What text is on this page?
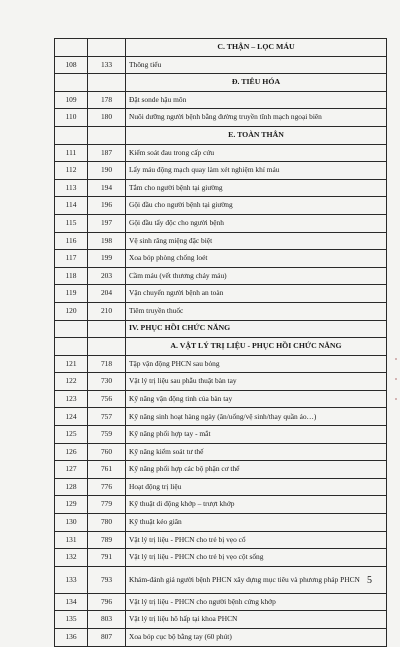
		C. THẬN – LỌC MÁU
108	133	Thông tiểu
		Đ. TIÊU HÓA
109	178	Đặt sonde hậu môn
110	180	Nuôi dưỡng người bệnh bằng đường truyền tĩnh mạch ngoại biên
		E. TOÀN THÂN
111	187	Kiểm soát đau trong cấp cứu
112	190	Lấy máu động mạch quay làm xét nghiệm khí máu
113	194	Tắm cho người bệnh tại giường
114	196	Gội đầu cho người bệnh tại giường
115	197	Gội đầu tẩy độc cho người bệnh
116	198	Vệ sinh răng miệng đặc biệt
117	199	Xoa bóp phòng chống loét
118	203	Cầm máu (vết thương chảy máu)
119	204	Vận chuyển người bệnh an toàn
120	210	Tiêm truyền thuốc
		IV. PHỤC HỒI CHỨC NĂNG
		A. VẬT LÝ TRỊ LIỆU - PHỤC HỒI CHỨC NĂNG
121	718	Tập vận động PHCN sau bỏng
122	730	Vật lý trị liệu sau phẫu thuật bàn tay
123	756	Kỹ năng vận động tinh của bàn tay
124	757	Kỹ năng sinh hoạt hàng ngày (ăn/uống/vệ sinh/thay quần áo…)
125	759	Kỹ năng phối hợp tay - mắt
126	760	Kỹ năng kiểm soát tư thế
127	761	Kỹ năng phối hợp các bộ phận cơ thể
128	776	Hoạt động trị liệu
129	779	Kỹ thuật di động khớp – trượt khớp
130	780	Kỹ thuật kéo giãn
131	789	Vật lý trị liệu - PHCN cho trẻ bị vẹo cổ
132	791	Vật lý trị liệu - PHCN cho trẻ bị vẹo cột sống
133	793	Khám-đánh giá người bệnh PHCN xây dựng mục tiêu và phương pháp PHCN
134	796	Vật lý trị liệu - PHCN cho người bệnh cứng khớp
135	803	Vật lý trị liệu hô hấp tại khoa PHCN
136	807	Xoa bóp cục bộ bằng tay (60 phút)
5
